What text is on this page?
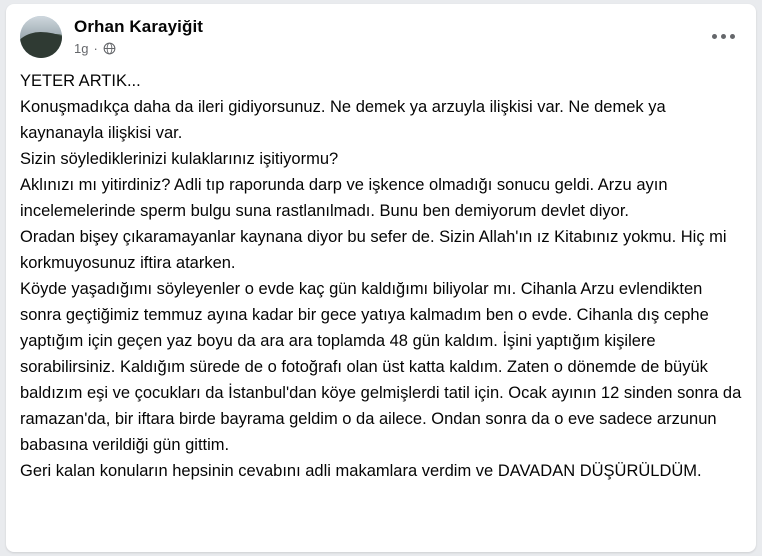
Orhan Karayiğit
1g ·

YETER ARTIK...

Konuşmadıkça daha da ileri gidiyorsunuz. Ne demek ya arzuyla ilişkisi var. Ne demek ya kaynanayla ilişkisi var.

Sizin söylediklerinizi kulaklarınız işitiyormu?

Aklınızı mı yitirdiniz? Adli tıp raporunda darp ve işkence olmadığı sonucu geldi. Arzu ayın incelemelerinde sperm bulgu suna rastlanılmadı. Bunu ben demiyorum devlet diyor.

Oradan bişey çıkaramayanlar kaynana diyor bu sefer de. Sizin Allah'ın ız Kitabınız yokmu. Hiç mi korkmuyosunuz iftira atarken.

Köyde yaşadığımı söyleyenler o evde kaç gün kaldığımı biliyolar mı. Cihanla Arzu evlendikten sonra geçtiğimiz temmuz ayına kadar bir gece yatıya kalmadım ben o evde. Cihanla dış cephe yaptığım için geçen yaz boyu da ara ara toplamda 48 gün kaldım. İşini yaptığım kişilere sorabilirsiniz. Kaldığım sürede de o fotoğrafı olan üst katta kaldım. Zaten o dönemde de büyük baldızım eşi ve çocukları da İstanbul'dan köye gelmişlerdi tatil için. Ocak ayının 12 sinden sonra da ramazan'da, bir iftara birde bayrama geldim o da ailece. Ondan sonra da o eve sadece arzunun babasına verildiği gün gittim.

Geri kalan konuların hepsinin cevabını adli makamlara verdim ve DAVADAN DÜŞÜRÜLDÜM.
